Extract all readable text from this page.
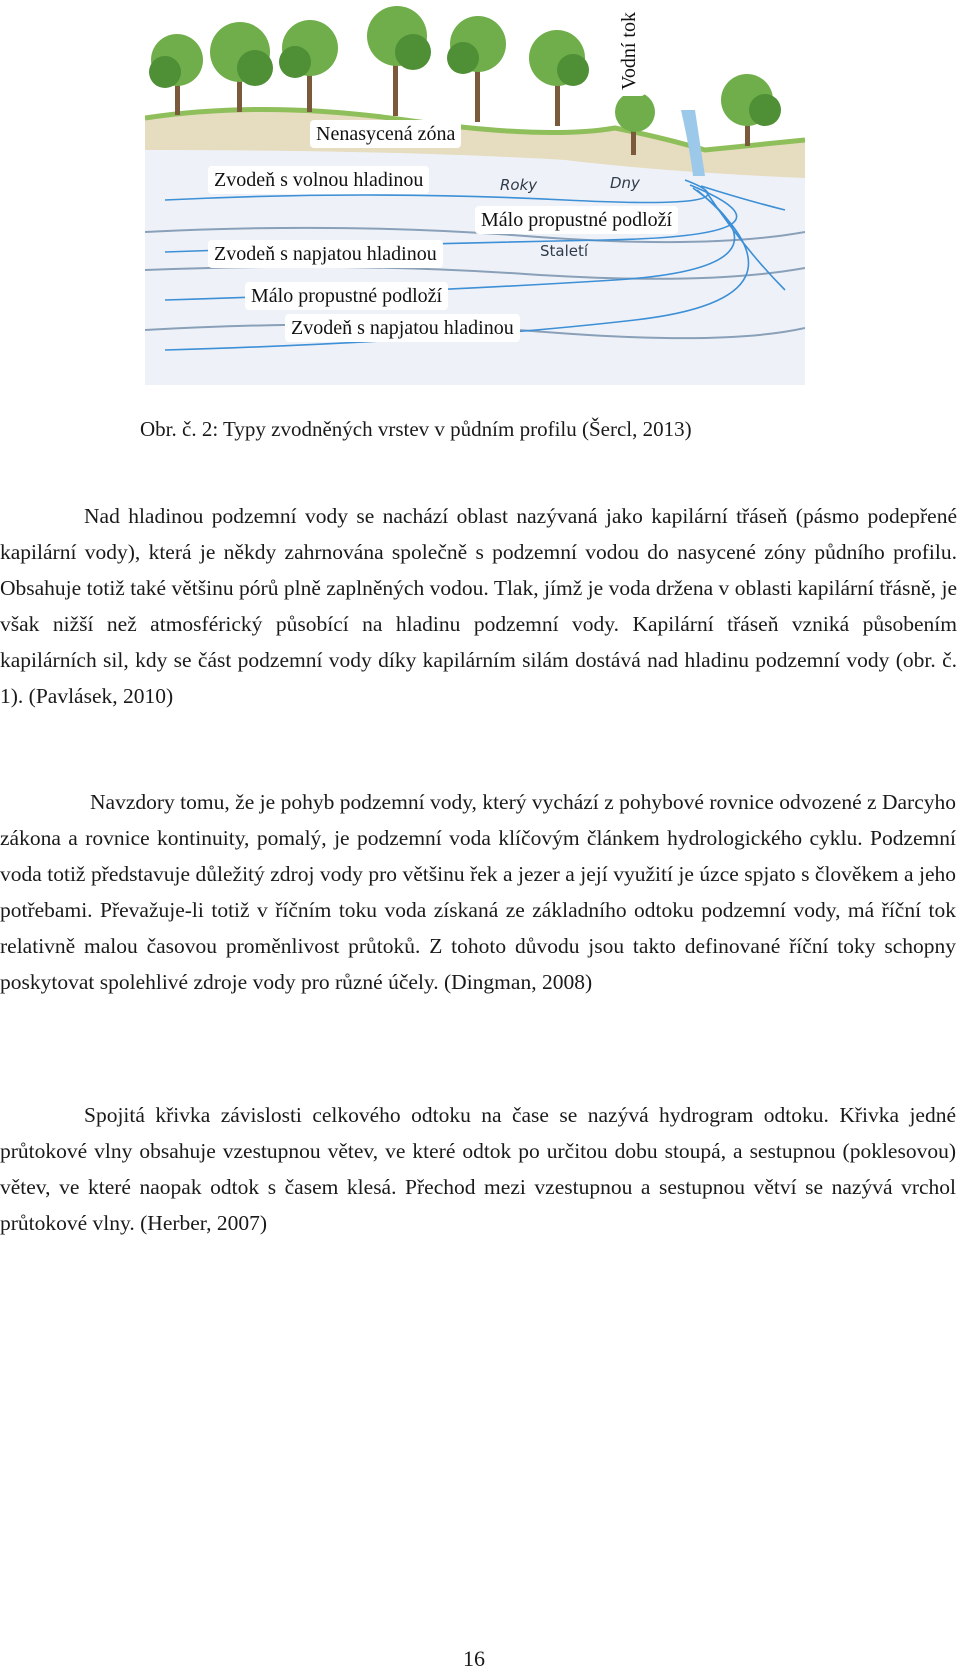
Roky	Dny
Staletí
Vodní tok
Nenasycená zóna
Zvodeň s volnou hladinou
Málo propustné podloží
Zvodeň s napjatou hladinou
Málo propustné podloží
Zvodeň s napjatou hladinou
Obr. č. 2: Typy zvodněných vrstev v půdním profilu (Šercl, 2013)

Nad hladinou podzemní vody se nachází oblast nazývaná jako kapilární třáseň (pásmo podepřené kapilární vody), která je někdy zahrnována společně s podzemní vodou do nasycené zóny půdního profilu. Obsahuje totiž také většinu pórů plně zaplněných vodou. Tlak, jímž je voda držena v oblasti kapilární třásně, je však nižší než atmosférický působící na hladinu podzemní vody. Kapilární třáseň vzniká působením kapilárních sil, kdy se část podzemní vody díky kapilárním silám dostává nad hladinu podzemní vody (obr. č. 1). (Pavlásek, 2010)

Navzdory tomu, že je pohyb podzemní vody, který vychází z pohybové rovnice odvozené z Darcyho zákona a rovnice kontinuity, pomalý, je podzemní voda klíčovým článkem hydrologického cyklu. Podzemní voda totiž představuje důležitý zdroj vody pro většinu řek a jezer a její využití je úzce spjato s člověkem a jeho potřebami. Převažuje-li totiž v říčním toku voda získaná ze základního odtoku podzemní vody, má říční tok relativně malou časovou proměnlivost průtoků. Z tohoto důvodu jsou takto definované říční toky schopny poskytovat spolehlivé zdroje vody pro různé účely. (Dingman, 2008)

Spojitá křivka závislosti celkového odtoku na čase se nazývá hydrogram odtoku. Křivka jedné průtokové vlny obsahuje vzestupnou větev, ve které odtok po určitou dobu stoupá, a sestupnou (poklesovou) větev, ve které naopak odtok s časem klesá. Přechod mezi vzestupnou a sestupnou větví se nazývá vrchol průtokové vlny. (Herber, 2007)

16
